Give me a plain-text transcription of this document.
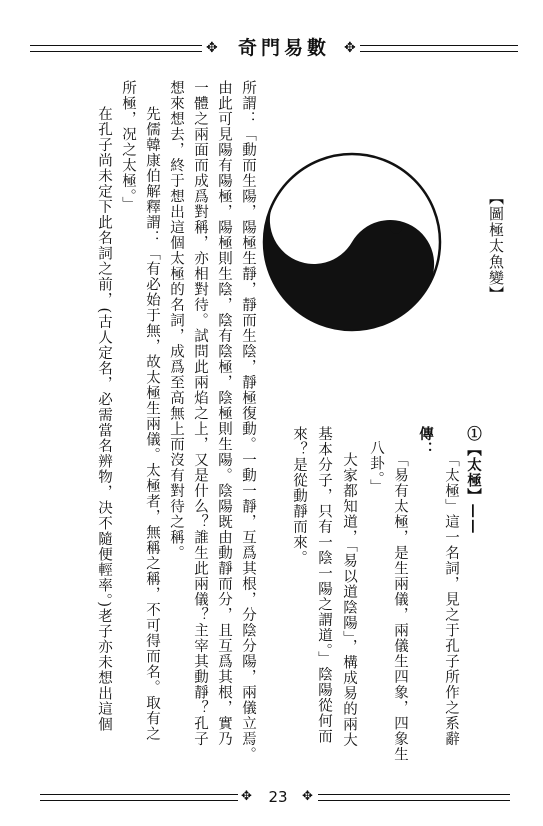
✥	奇門易數	✥
【圖極太魚變】
①【太極】——
「太極」這一名詞，見之于孔子所作之系辭
傳：
「易有太極，是生兩儀，兩儀生四象，四象生
八卦。」
大家都知道，「易以道陰陽」，構成易的兩大
基本分子，只有一陰一陽之謂道。」陰陽從何而
來？是從動靜而來。
所謂：「動而生陽，陽極生靜，靜而生陰，靜極復動。一動一靜，互爲其根，分陰分陽，兩儀立焉。
由此可見陽有陽極，陽極則生陰，陰有陰極，陰極則生陽。陰陽既由動靜而分，且互爲其根，實乃
一體之兩面而成爲對稱，亦相對待。試問此兩焰之上，又是什么？誰生此兩儀？主宰其動靜？孔子
想來想去，終于想出這個太極的名詞，成爲至高無上而沒有對待之稱。
先儒韓康伯解釋謂：「有必始于無，故太極生兩儀。太極者，無稱之稱，不可得而名。取有之
所極，况之太極。」
在孔子尚未定下此名詞之前，(古人定名，必需當名辨物，决不隨便輕率。)老子亦未想出這個
✥	23	✥
